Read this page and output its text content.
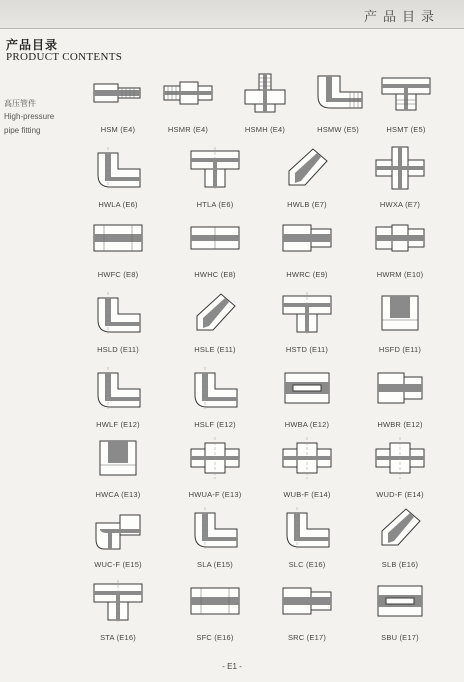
产品目录
产品目录
PRODUCT CONTENTS
高压管件
High-pressure
pipe fitting	HSM (E4)	HSMR (E4)	HSMH (E4)	HSMW (E5)	HSMT (E5)
HWLA (E6)	HTLA (E6)	HWLB (E7)	HWXA (E7)
HWFC (E8)	HWHC (E8)	HWRC (E9)	HWRM (E10)
HSLD (E11)	HSLE (E11)	HSTD (E11)	HSFD (E11)
HWLF (E12)	HSLF (E12)	HWBA (E12)	HWBR (E12)
HWCA (E13)	HWUA-F (E13)	WUB-F (E14)	WUD-F (E14)
WUC-F (E15)	SLA (E15)	SLC (E16)	SLB (E16)
STA (E16)	SFC (E16)	SRC (E17)	SBU (E17)
- E1 -
